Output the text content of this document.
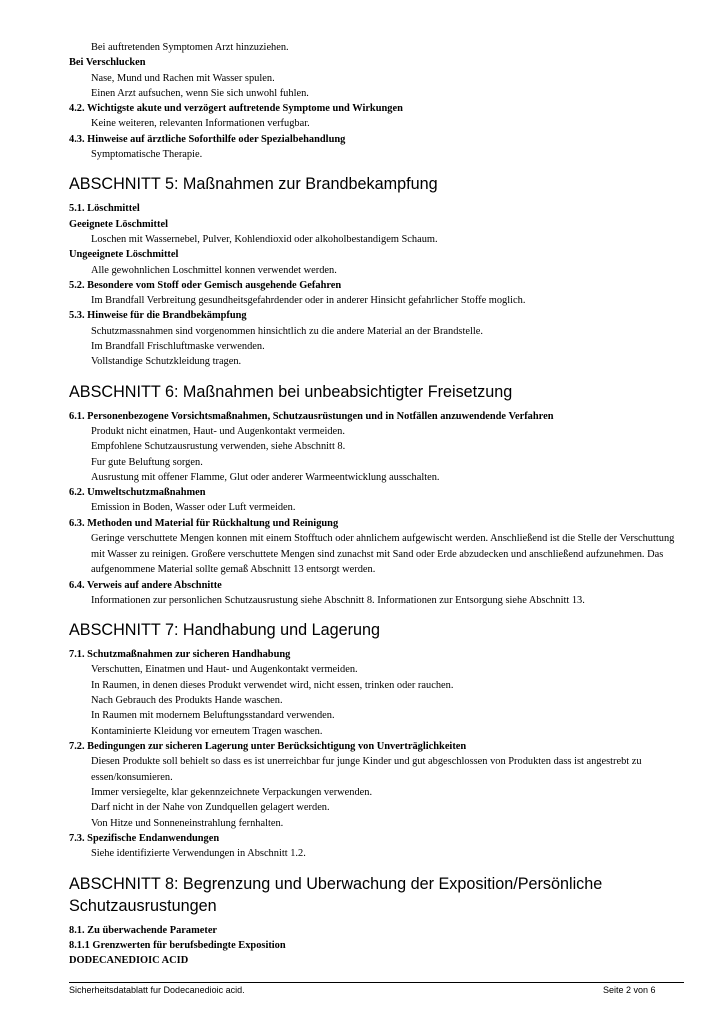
Bei auftretenden Symptomen Arzt hinzuziehen.
Bei Verschlucken
Nase, Mund und Rachen mit Wasser spulen.
Einen Arzt aufsuchen, wenn Sie sich unwohl fuhlen.
4.2. Wichtigste akute und verzögert auftretende Symptome und Wirkungen
Keine weiteren, relevanten Informationen verfugbar.
4.3. Hinweise auf ärztliche Soforthilfe oder Spezialbehandlung
Symptomatische Therapie.
ABSCHNITT 5: Maßnahmen zur Brandbekampfung
5.1. Löschmittel
Geeignete Löschmittel
Loschen mit Wassernebel, Pulver, Kohlendioxid oder alkoholbestandigem Schaum.
Ungeeignete Löschmittel
Alle gewohnlichen Loschmittel konnen verwendet werden.
5.2. Besondere vom Stoff oder Gemisch ausgehende Gefahren
Im Brandfall Verbreitung gesundheitsgefahrdender oder in anderer Hinsicht gefahrlicher Stoffe moglich.
5.3. Hinweise für die Brandbekämpfung
Schutzmassnahmen sind vorgenommen hinsichtlich zu die andere Material an der Brandstelle.
Im Brandfall Frischluftmaske verwenden.
Vollstandige Schutzkleidung tragen.
ABSCHNITT 6: Maßnahmen bei unbeabsichtigter Freisetzung
6.1. Personenbezogene Vorsichtsmaßnahmen, Schutzausrüstungen und in Notfällen anzuwendende Verfahren
Produkt nicht einatmen, Haut- und Augenkontakt vermeiden.
Empfohlene Schutzausrustung verwenden, siehe Abschnitt 8.
Fur gute Beluftung sorgen.
Ausrustung mit offener Flamme, Glut oder anderer Warmeentwicklung ausschalten.
6.2. Umweltschutzmaßnahmen
Emission in Boden, Wasser oder Luft vermeiden.
6.3. Methoden und Material für Rückhaltung und Reinigung
Geringe verschuttete Mengen konnen mit einem Stofftuch oder ahnlichem aufgewischt werden. Anschließend ist die Stelle der Verschuttung mit Wasser zu reinigen. Großere verschuttete Mengen sind zunachst mit Sand oder Erde abzudecken und anschließend aufzunehmen. Das aufgenommene Material sollte gemaß Abschnitt 13 entsorgt werden.
6.4. Verweis auf andere Abschnitte
Informationen zur personlichen Schutzausrustung siehe Abschnitt 8. Informationen zur Entsorgung siehe Abschnitt 13.
ABSCHNITT 7: Handhabung und Lagerung
7.1. Schutzmaßnahmen zur sicheren Handhabung
Verschutten, Einatmen und Haut- und Augenkontakt vermeiden.
In Raumen, in denen dieses Produkt verwendet wird, nicht essen, trinken oder rauchen.
Nach Gebrauch des Produkts Hande waschen.
In Raumen mit modernem Beluftungsstandard verwenden.
Kontaminierte Kleidung vor erneutem Tragen waschen.
7.2. Bedingungen zur sicheren Lagerung unter Berücksichtigung von Unverträglichkeiten
Diesen Produkte soll behielt so dass es ist unerreichbar fur junge Kinder und gut abgeschlossen von Produkten dass ist angestrebt zu essen/konsumieren.
Immer versiegelte, klar gekennzeichnete Verpackungen verwenden.
Darf nicht in der Nahe von Zundquellen gelagert werden.
Von Hitze und Sonneneinstrahlung fernhalten.
7.3. Spezifische Endanwendungen
Siehe identifizierte Verwendungen in Abschnitt 1.2.
ABSCHNITT 8: Begrenzung und Uberwachung der Exposition/Persönliche Schutzausrustungen
8.1. Zu überwachende Parameter
8.1.1 Grenzwerten für berufsbedingte Exposition
DODECANEDIOIC ACID
Sicherheitsdatablatt fur Dodecanedioic acid.	Seite 2 von 6
